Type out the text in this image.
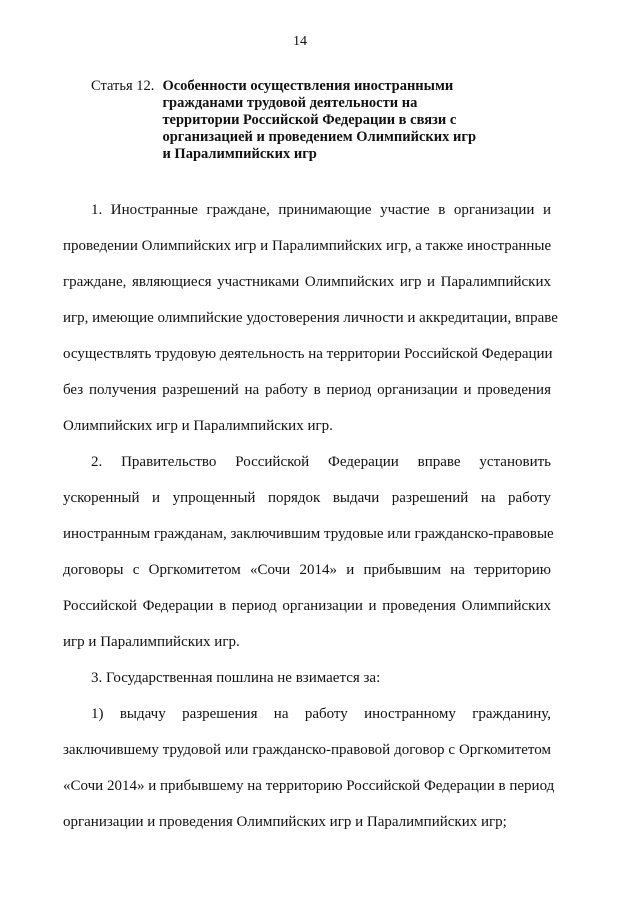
14
Статья 12. Особенности осуществления иностранными
гражданами трудовой деятельности на
территории Российской Федерации в связи с
организацией и проведением Олимпийских игр
и Паралимпийских игр
1. Иностранные граждане, принимающие участие в организации и
проведении Олимпийских игр и Паралимпийских игр, а также иностранные
граждане, являющиеся участниками Олимпийских игр и Паралимпийских
игр, имеющие олимпийские удостоверения личности и аккредитации, вправе
осуществлять трудовую деятельность на территории Российской Федерации
без получения разрешений на работу в период организации и проведения
Олимпийских игр и Паралимпийских игр.
2. Правительство Российской Федерации вправе установить
ускоренный и упрощенный порядок выдачи разрешений на работу
иностранным гражданам, заключившим трудовые или гражданско-правовые
договоры с Оргкомитетом «Сочи 2014» и прибывшим на территорию
Российской Федерации в период организации и проведения Олимпийских
игр и Паралимпийских игр.
3. Государственная пошлина не взимается за:
1) выдачу разрешения на работу иностранному гражданину,
заключившему трудовой или гражданско-правовой договор с Оргкомитетом
«Сочи 2014» и прибывшему на территорию Российской Федерации в период
организации и проведения Олимпийских игр и Паралимпийских игр;
